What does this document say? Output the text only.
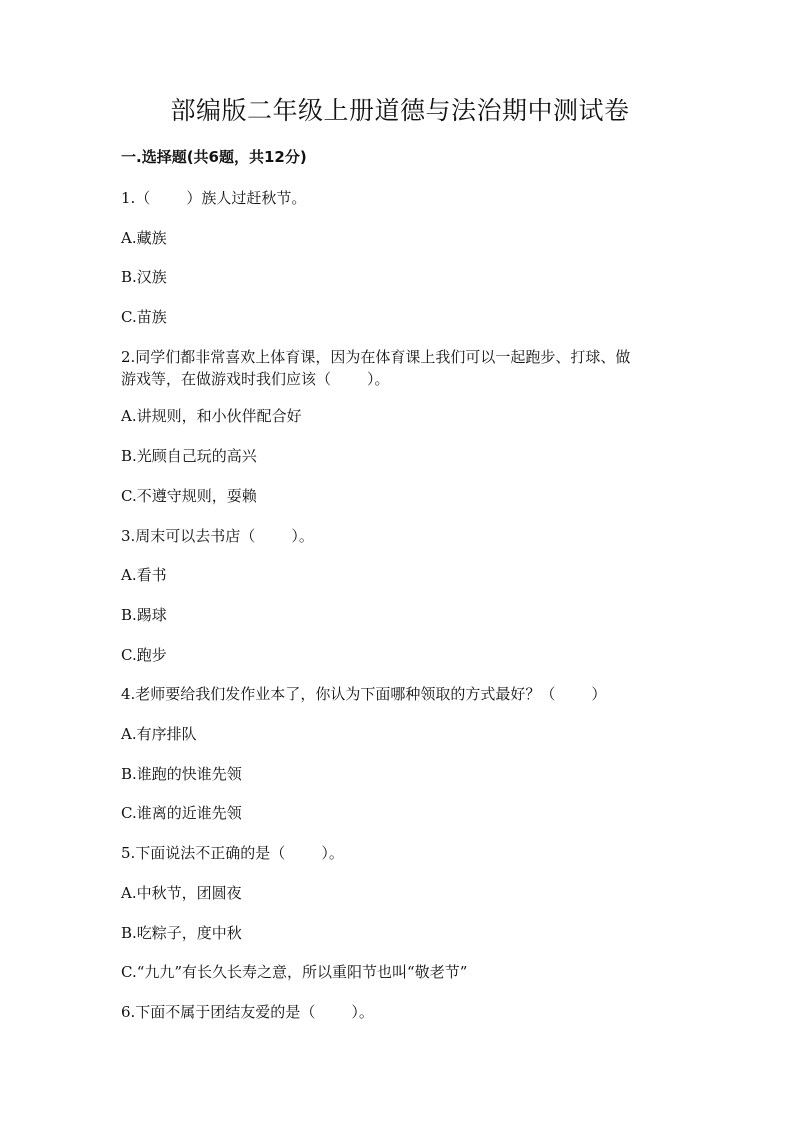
部编版二年级上册道德与法治期中测试卷
一.选择题(共6题，共12分)
1.（ ）族人过赶秋节。
A.藏族
B.汉族
C.苗族
2.同学们都非常喜欢上体育课，因为在体育课上我们可以一起跑步、打球、做
游戏等，在做游戏时我们应该（ ）。
A.讲规则，和小伙伴配合好
B.光顾自己玩的高兴
C.不遵守规则，耍赖
3.周末可以去书店（ ）。
A.看书
B.踢球
C.跑步
4.老师要给我们发作业本了，你认为下面哪种领取的方式最好？（ ）
A.有序排队
B.谁跑的快谁先领
C.谁离的近谁先领
5.下面说法不正确的是（ ）。
A.中秋节，团圆夜
B.吃粽子，度中秋
C.“九九”有长久长寿之意，所以重阳节也叫“敬老节”
6.下面不属于团结友爱的是（ ）。
